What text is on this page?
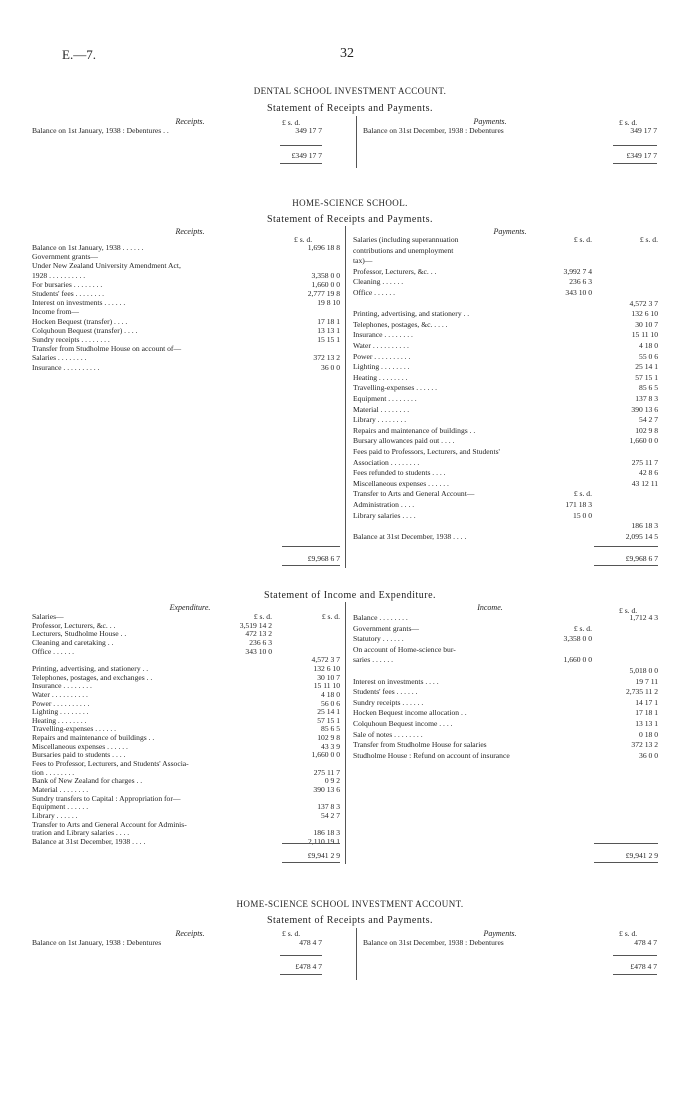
E.—7.	32
DENTAL SCHOOL INVESTMENT ACCOUNT.
Statement of Receipts and Payments.
Receipts.	Payments.
£ s. d.	£ s. d.
Balance on 1st January, 1938 : Debentures . .	349 17 7	Balance on 31st December, 1938 : Debentures	349 17 7
£349 17 7	£349 17 7
HOME-SCIENCE SCHOOL.
Statement of Receipts and Payments.
Receipts.	Payments.
£ s. d.
Balance on 1st January, 1938 . . . . . .	1,696 18 8
Government grants—
Under New Zealand University Amendment Act,
1928 . . . . . . . . . .	3,358 0 0
For bursaries . . . . . . . .	1,660 0 0
Students' fees . . . . . . . .	2,777 19 8
Interest on investments . . . . . .	19 8 10
Income from—
Hocken Bequest (transfer) . . . .	17 18 1
Colquhoun Bequest (transfer) . . . .	13 13 1
Sundry receipts . . . . . . . .	15 15 1
Transfer from Studholme House on account of—
Salaries . . . . . . . .	372 13 2
Insurance . . . . . . . . . .	36 0 0
Salaries (including superannuation	£ s. d.	£ s. d.
contributions and unemployment
tax)—
Professor, Lecturers, &c. . .	3,992 7 4
Cleaning . . . . . .	236 6 3
Office . . . . . .	343 10 0
4,572 3 7
Printing, advertising, and stationery . .	132 6 10
Telephones, postages, &c. . . . .	30 10 7
Insurance . . . . . . . .	15 11 10
Water . . . . . . . . . .	4 18 0
Power . . . . . . . . . .	55 0 6
Lighting . . . . . . . .	25 14 1
Heating . . . . . . . .	57 15 1
Travelling-expenses . . . . . .	85 6 5
Equipment . . . . . . . .	137 8 3
Material . . . . . . . .	390 13 6
Library . . . . . . . .	54 2 7
Repairs and maintenance of buildings . .	102 9 8
Bursary allowances paid out . . . .	1,660 0 0
Fees paid to Professors, Lecturers, and Students'
Association . . . . . . . .	275 11 7
Fees refunded to students . . . .	42 8 6
Miscellaneous expenses . . . . . .	43 12 11
Transfer to Arts and General Account—	£ s. d.
Administration . . . .	171 18 3
Library salaries . . . .	15 0 0
186 18 3
Balance at 31st December, 1938 . . . .	2,095 14 5
£9,968 6 7	£9,968 6 7
Statement of Income and Expenditure.
Expenditure.	Income.	£ s. d.
Salaries—	£ s. d.	£ s. d.
Professor, Lecturers, &c. . .	3,519 14 2
Lecturers, Studholme House . .	472 13 2
Cleaning and caretaking . .	236 6 3
Office . . . . . .	343 10 0
4,572 3 7
Printing, advertising, and stationery . .	132 6 10
Telephones, postages, and exchanges . .	30 10 7
Insurance . . . . . . . .	15 11 10
Water . . . . . . . . . .	4 18 0
Power . . . . . . . . . .	56 0 6
Lighting . . . . . . . .	25 14 1
Heating . . . . . . . .	57 15 1
Travelling-expenses . . . . . .	85 6 5
Repairs and maintenance of buildings . .	102 9 8
Miscellaneous expenses . . . . . .	43 3 9
Bursaries paid to students . . . .	1,660 0 0
Fees to Professor, Lecturers, and Students' Associa-
tion . . . . . . . .	275 11 7
Bank of New Zealand for charges . .	0 9 2
Material . . . . . . . .	390 13 6
Sundry transfers to Capital : Appropriation for—
Equipment . . . . . .	137 8 3
Library . . . . . .	54 2 7
Transfer to Arts and General Account for Adminis-
tration and Library salaries . . . .	186 18 3
Balance at 31st December, 1938 . . . .	2,110 19 1
Balance . . . . . . . .	1,712 4 3
Government grants—	£ s. d.
Statutory . . . . . .	3,358 0 0
On account of Home-science bur-
saries . . . . . .	1,660 0 0
5,018 0 0
Interest on investments . . . .	19 7 11
Students' fees . . . . . .	2,735 11 2
Sundry receipts . . . . . .	14 17 1
Hocken Bequest income allocation . .	17 18 1
Colquhoun Bequest income . . . .	13 13 1
Sale of notes . . . . . . . .	0 18 0
Transfer from Studholme House for salaries	372 13 2
Studholme House : Refund on account of insurance	36 0 0
£9,941 2 9	£9,941 2 9
HOME-SCIENCE SCHOOL INVESTMENT ACCOUNT.
Statement of Receipts and Payments.
Receipts.	Payments.
£ s. d.	£ s. d.
Balance on 1st January, 1938 : Debentures	478 4 7	Balance on 31st December, 1938 : Debentures	478 4 7
£478 4 7	£478 4 7
